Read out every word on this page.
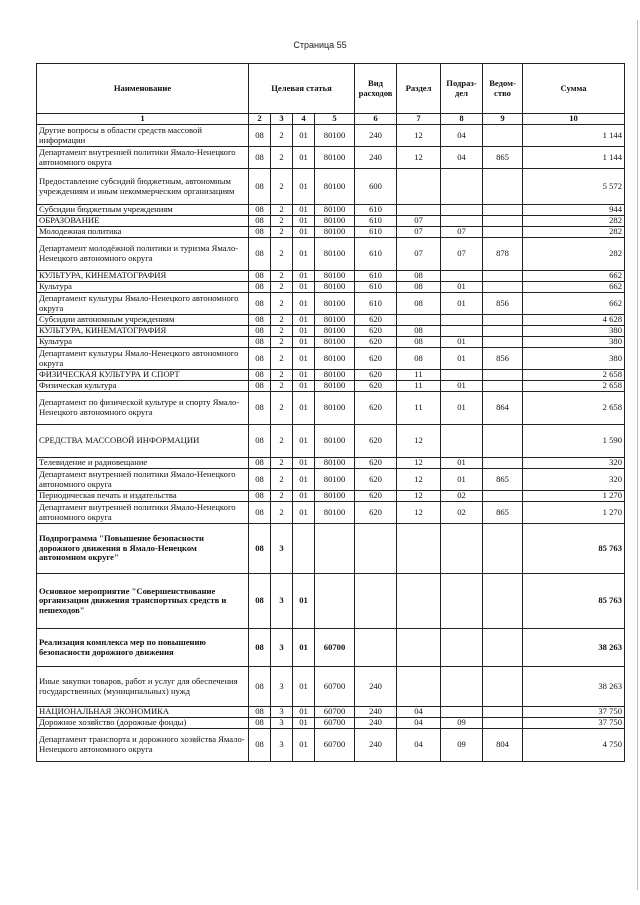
Страница 55
Наименование	Целевая статья				Вид расходов	Раздел	Подраз-дел	Ведом-ство	Сумма
1	2	3	4	5	6	7	8	9	10
Другие вопросы в области средств массовой информации	08	2	01	80100	240	12	04		1 144
Департамент внутренней политики Ямало-Ненецкого автономного округа	08	2	01	80100	240	12	04	865	1 144
Предоставление субсидий бюджетным, автономным учреждениям и иным некоммерческим организациям	08	2	01	80100	600				5 572
Субсидии бюджетным учреждениям	08	2	01	80100	610				944
ОБРАЗОВАНИЕ	08	2	01	80100	610	07			282
Молодежная политика	08	2	01	80100	610	07	07		282
Департамент молодёжной политики и туризма Ямало-Ненецкого автономного округа	08	2	01	80100	610	07	07	878	282
КУЛЬТУРА, КИНЕМАТОГРАФИЯ	08	2	01	80100	610	08			662
Культура	08	2	01	80100	610	08	01		662
Департамент культуры Ямало-Ненецкого автономного округа	08	2	01	80100	610	08	01	856	662
Субсидии автономным учреждениям	08	2	01	80100	620				4 628
КУЛЬТУРА, КИНЕМАТОГРАФИЯ	08	2	01	80100	620	08			380
Культура	08	2	01	80100	620	08	01		380
Департамент культуры Ямало-Ненецкого автономного округа	08	2	01	80100	620	08	01	856	380
ФИЗИЧЕСКАЯ КУЛЬТУРА И СПОРТ	08	2	01	80100	620	11			2 658
Физическая культура	08	2	01	80100	620	11	01		2 658
Департамент по физической культуре и спорту Ямало-Ненецкого автономного округа	08	2	01	80100	620	11	01	864	2 658
СРЕДСТВА МАССОВОЙ ИНФОРМАЦИИ	08	2	01	80100	620	12			1 590
Телевидение и радиовещание	08	2	01	80100	620	12	01		320
Департамент внутренней политики Ямало-Ненецкого автономного округа	08	2	01	80100	620	12	01	865	320
Периодическая печать и издательства	08	2	01	80100	620	12	02		1 270
Департамент внутренней политики Ямало-Ненецкого автономного округа	08	2	01	80100	620	12	02	865	1 270
Подпрограмма "Повышение безопасности дорожного движения в Ямало-Ненецком автономном округе"	08	3							85 763
Основное мероприятие "Совершенствование организации движения транспортных средств и пешеходов"	08	3	01						85 763
Реализация комплекса мер по повышению безопасности дорожного движения	08	3	01	60700					38 263
Иные закупки товаров, работ и услуг для обеспечения государственных (муниципальных) нужд	08	3	01	60700	240				38 263
НАЦИОНАЛЬНАЯ ЭКОНОМИКА	08	3	01	60700	240	04			37 750
Дорожное хозяйство (дорожные фонды)	08	3	01	60700	240	04	09		37 750
Департамент транспорта и дорожного хозяйства Ямало-Ненецкого автономного округа	08	3	01	60700	240	04	09	804	4 750
